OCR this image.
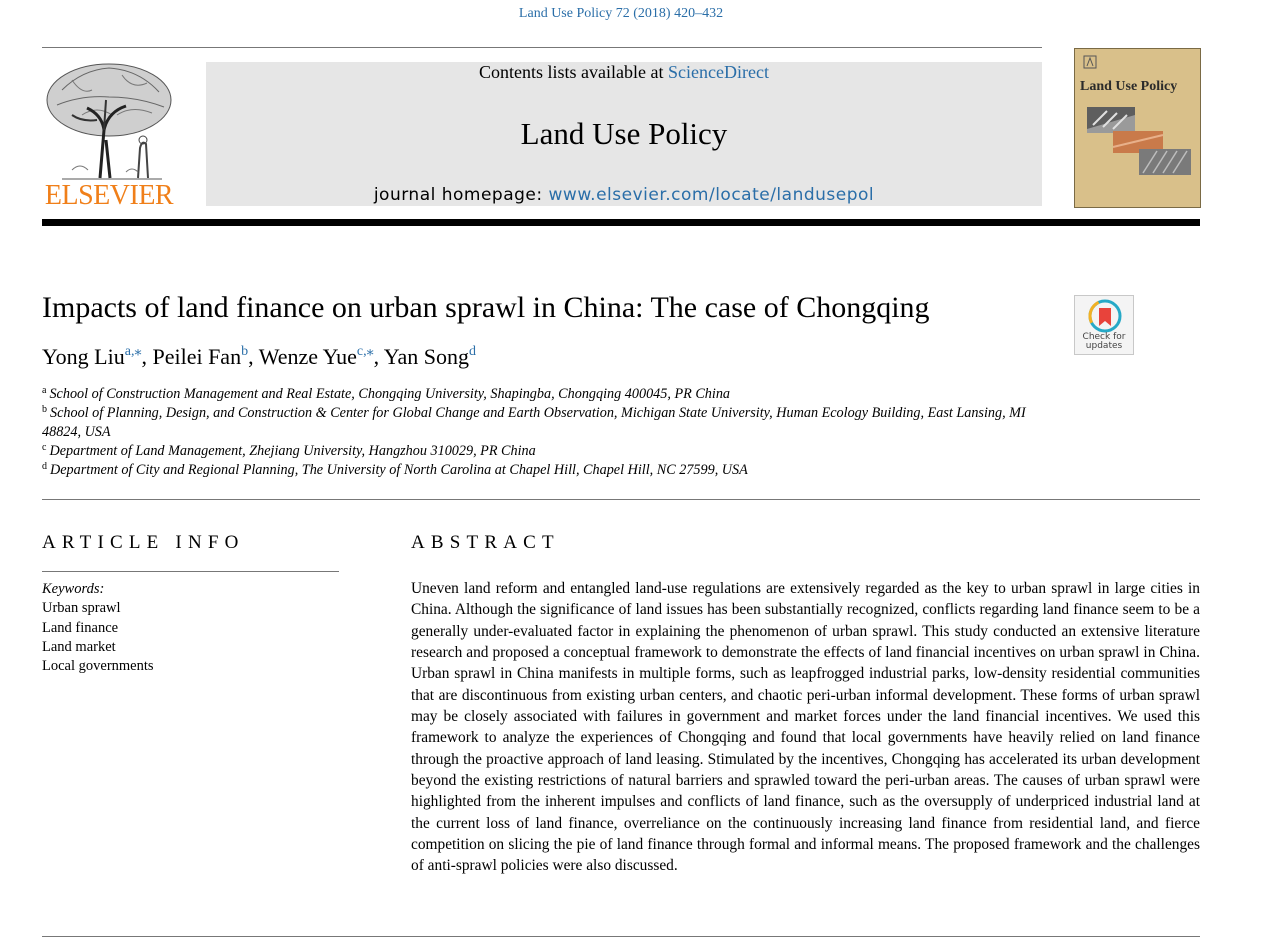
Land Use Policy 72 (2018) 420–432
ELSEVIER
Contents lists available at ScienceDirect
Land Use Policy
journal homepage: www.elsevier.com/locate/landusepol
Land Use Policy
Impacts of land finance on urban sprawl in China: The case of Chongqing
Check for
updates
Yong Liu$^{a,⁎}$, Peilei Fan$^b$, Wenze Yue$^{c,⁎}$, Yan Song$^d$
$^a$ School of Construction Management and Real Estate, Chongqing University, Shapingba, Chongqing 400045, PR China
$^b$ School of Planning, Design, and Construction & Center for Global Change and Earth Observation, Michigan State University, Human Ecology Building, East Lansing, MI 48824, USA
$^c$ Department of Land Management, Zhejiang University, Hangzhou 310029, PR China
$^d$ Department of City and Regional Planning, The University of North Carolina at Chapel Hill, Chapel Hill, NC 27599, USA
ARTICLE INFO
Keywords:
Urban sprawl
Land finance
Land market
Local governments
ABSTRACT
Uneven land reform and entangled land-use regulations are extensively regarded as the key to urban sprawl in large cities in China. Although the significance of land issues has been substantially recognized, conflicts regarding land finance seem to be a generally under-evaluated factor in explaining the phenomenon of urban sprawl. This study conducted an extensive literature research and proposed a conceptual framework to demonstrate the effects of land financial incentives on urban sprawl in China. Urban sprawl in China manifests in multiple forms, such as leapfrogged industrial parks, low-density residential communities that are discontinuous from existing urban centers, and chaotic peri-urban informal development. These forms of urban sprawl may be closely associated with failures in government and market forces under the land financial incentives. We used this framework to analyze the experiences of Chongqing and found that local governments have heavily relied on land finance through the proactive approach of land leasing. Stimulated by the incentives, Chongqing has accelerated its urban development beyond the existing restrictions of natural barriers and sprawled toward the peri-urban areas. The causes of urban sprawl were highlighted from the inherent impulses and conflicts of land finance, such as the oversupply of underpriced industrial land at the current loss of land finance, overreliance on the continuously increasing land finance from residential land, and fierce competition on slicing the pie of land finance through formal and informal means. The proposed framework and the challenges of anti-sprawl policies were also discussed.
